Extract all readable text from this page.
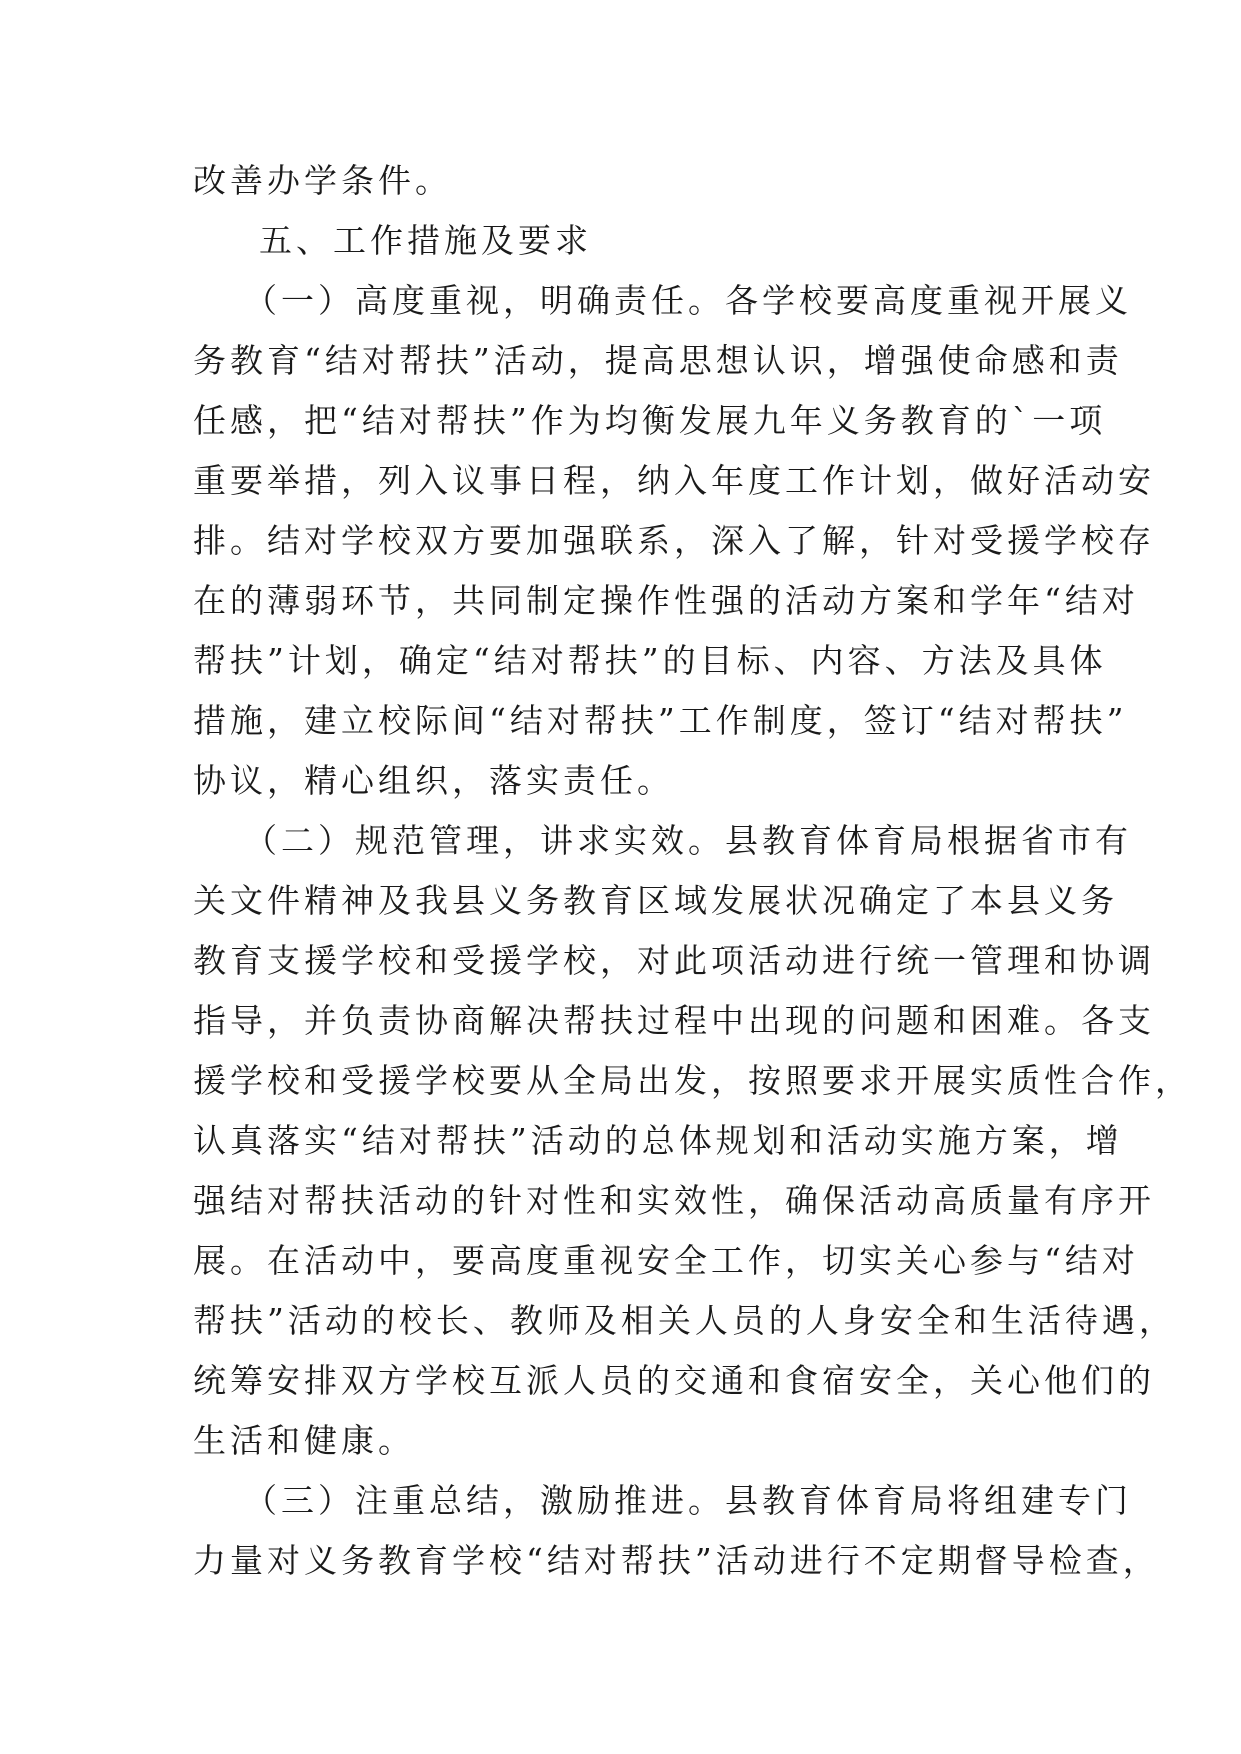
改善办学条件。
五、工作措施及要求
（一）高度重视，明确责任。各学校要高度重视开展义
务教育“结对帮扶”活动，提高思想认识，增强使命感和责
任感，把“结对帮扶”作为均衡发展九年义务教育的`一项
重要举措，列入议事日程，纳入年度工作计划，做好活动安
排。结对学校双方要加强联系，深入了解，针对受援学校存
在的薄弱环节，共同制定操作性强的活动方案和学年“结对
帮扶”计划，确定“结对帮扶”的目标、内容、方法及具体
措施，建立校际间“结对帮扶”工作制度，签订“结对帮扶”
协议，精心组织，落实责任。
（二）规范管理，讲求实效。县教育体育局根据省市有
关文件精神及我县义务教育区域发展状况确定了本县义务
教育支援学校和受援学校，对此项活动进行统一管理和协调
指导，并负责协商解决帮扶过程中出现的问题和困难。各支
援学校和受援学校要从全局出发，按照要求开展实质性合作，
认真落实“结对帮扶”活动的总体规划和活动实施方案，增
强结对帮扶活动的针对性和实效性，确保活动高质量有序开
展。在活动中，要高度重视安全工作，切实关心参与“结对
帮扶”活动的校长、教师及相关人员的人身安全和生活待遇，
统筹安排双方学校互派人员的交通和食宿安全，关心他们的
生活和健康。
（三）注重总结，激励推进。县教育体育局将组建专门
力量对义务教育学校“结对帮扶”活动进行不定期督导检查，
